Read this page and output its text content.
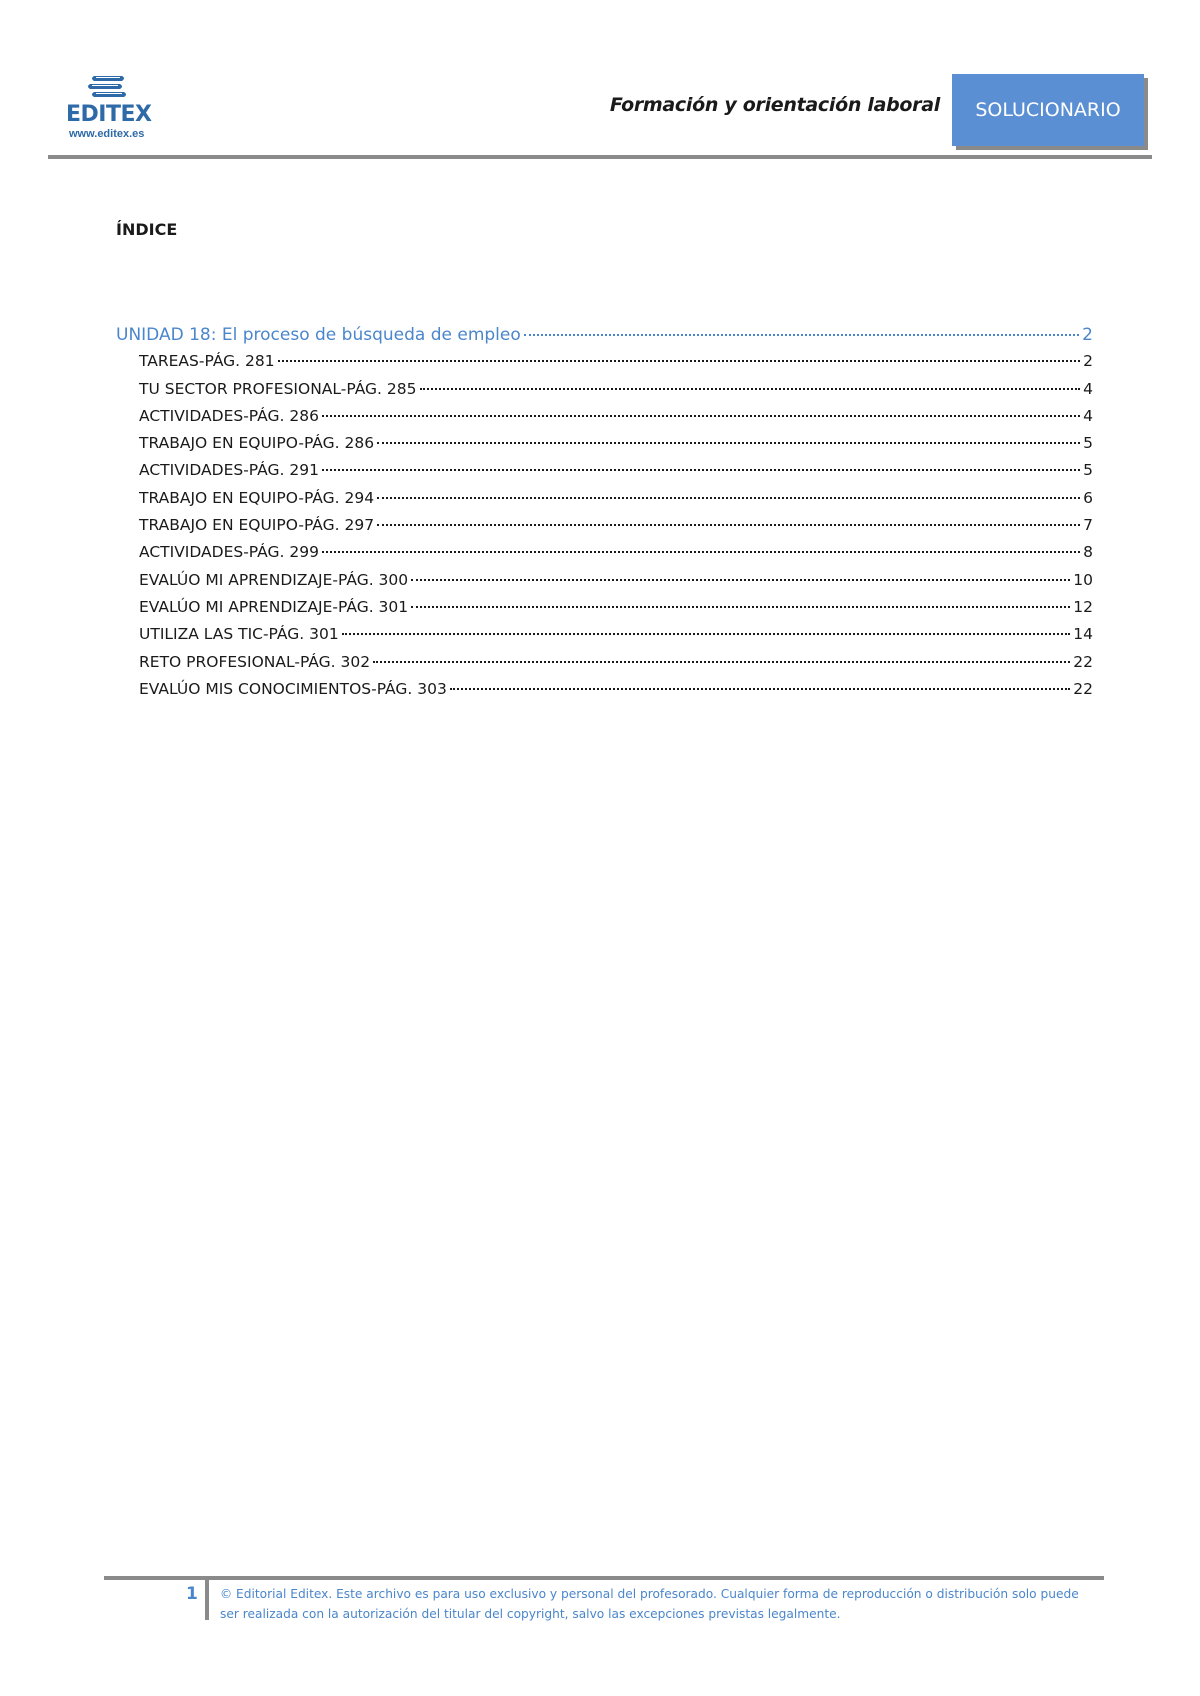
EDITEX
www.editex.es
Formación y orientación laboral	SOLUCIONARIO
ÍNDICE
UNIDAD 18: El proceso de búsqueda de empleo	2
TAREAS-PÁG. 281	2
TU SECTOR PROFESIONAL-PÁG. 285	4
ACTIVIDADES-PÁG. 286	4
TRABAJO EN EQUIPO-PÁG. 286	5
ACTIVIDADES-PÁG. 291	5
TRABAJO EN EQUIPO-PÁG. 294	6
TRABAJO EN EQUIPO-PÁG. 297	7
ACTIVIDADES-PÁG. 299	8
EVALÚO MI APRENDIZAJE-PÁG. 300	10
EVALÚO MI APRENDIZAJE-PÁG. 301	12
UTILIZA LAS TIC-PÁG. 301	14
RETO PROFESIONAL-PÁG. 302	22
EVALÚO MIS CONOCIMIENTOS-PÁG. 303	22
1 © Editorial Editex. Este archivo es para uso exclusivo y personal del profesorado. Cualquier forma de reproducción o distribución solo puede ser realizada con la autorización del titular del copyright, salvo las excepciones previstas legalmente.
